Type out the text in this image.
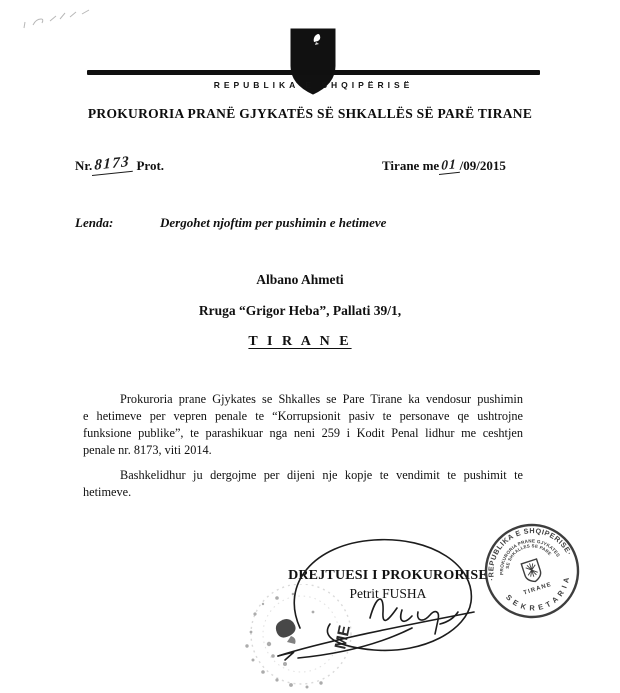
REPUBLIKA E SHQIPËRISË
PROKURORIA PRANË GJYKATËS SË SHKALLËS SË PARË TIRANE
Nr. 8173 Prot.	Tirane me 01 /09/2015
Lenda:	Dergohet njoftim per pushimin e hetimeve
Albano Ahmeti
Rruga “Grigor Heba”, Pallati 39/1,
T I R A N E
Prokuroria prane Gjykates se Shkalles se Pare Tirane ka vendosur pushimin
e hetimeve per vepren penale te “Korrupsionit pasiv te personave qe ushtrojne
funksione publike”, te parashikuar nga neni 259 i Kodit Penal lidhur me ceshtjen
penale nr. 8173, viti 2014.
Bashkelidhur ju dergojme per dijeni nje kopje te vendimit te pushimit te
hetimeve.
DREJTUESI I PROKURORISE
Petrit FUSHA
·REPUBLIKA E SHQIPERISE·
S E K R E T A R I A
PROKURORIA PRANE GJYKATES
SE SHKALLES SE PARE
TIRANE
ME
